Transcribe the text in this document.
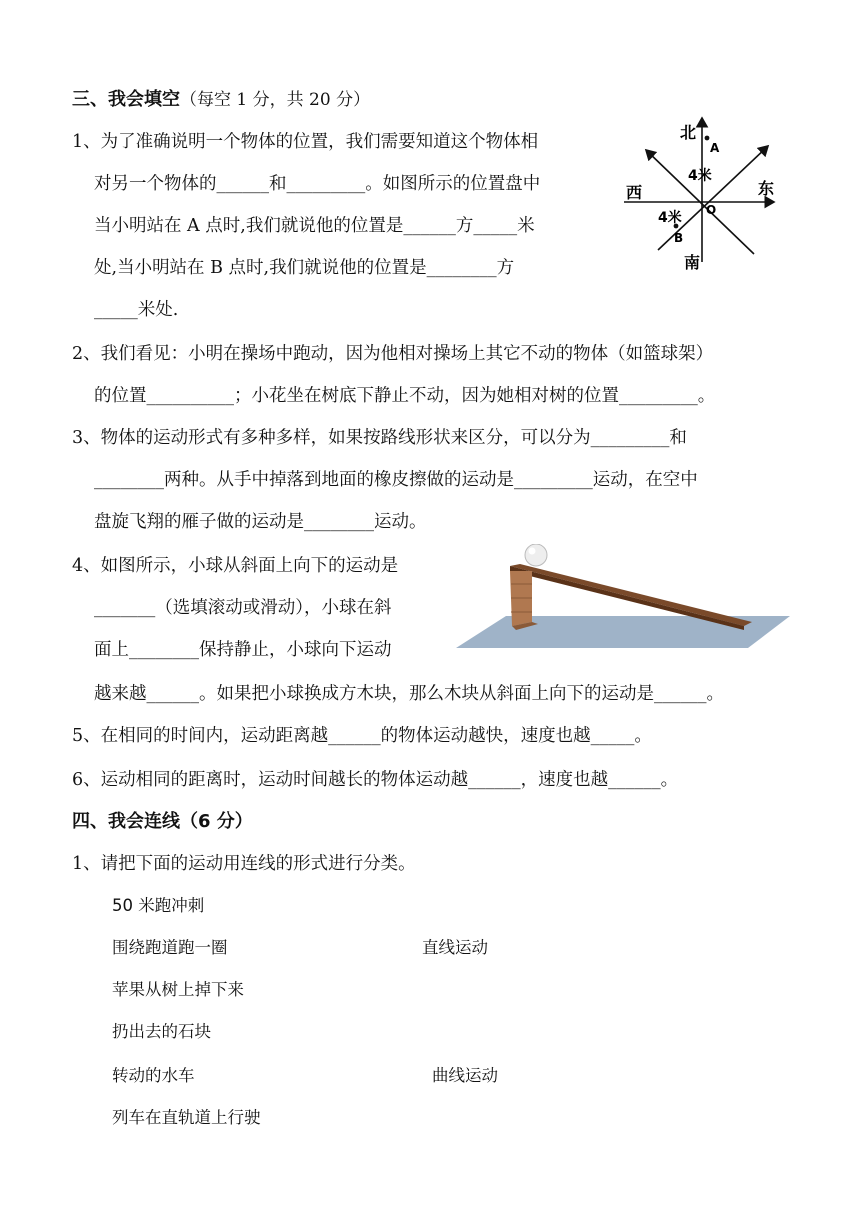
三、我会填空（每空 1 分，共 20 分）
1、为了准确说明一个物体的位置，我们需要知道这个物体相
对另一个物体的______和_________。如图所示的位置盘中
当小明站在 A 点时,我们就说他的位置是______方_____米
处,当小明站在 B 点时,我们就说他的位置是________方
_____米处.
北
A
4米
西	东
O
4米
B
南
2、我们看见：小明在操场中跑动，因为他相对操场上其它不动的物体（如篮球架）
的位置__________；小花坐在树底下静止不动，因为她相对树的位置_________。
3、物体的运动形式有多种多样，如果按路线形状来区分，可以分为_________和
________两种。从手中掉落到地面的橡皮擦做的运动是_________运动，在空中
盘旋飞翔的雁子做的运动是________运动。
4、如图所示，小球从斜面上向下的运动是
_______（选填滚动或滑动），小球在斜
面上________保持静止，小球向下运动
越来越______。如果把小球换成方木块，那么木块从斜面上向下的运动是______。
5、在相同的时间内，运动距离越______的物体运动越快，速度也越_____。
6、运动相同的距离时，运动时间越长的物体运动越______，速度也越______。
四、我会连线（6 分）
1、请把下面的运动用连线的形式进行分类。
50 米跑冲刺
围绕跑道跑一圈
苹果从树上掉下来
扔出去的石块
转动的水车
列车在直轨道上行驶
直线运动
曲线运动
